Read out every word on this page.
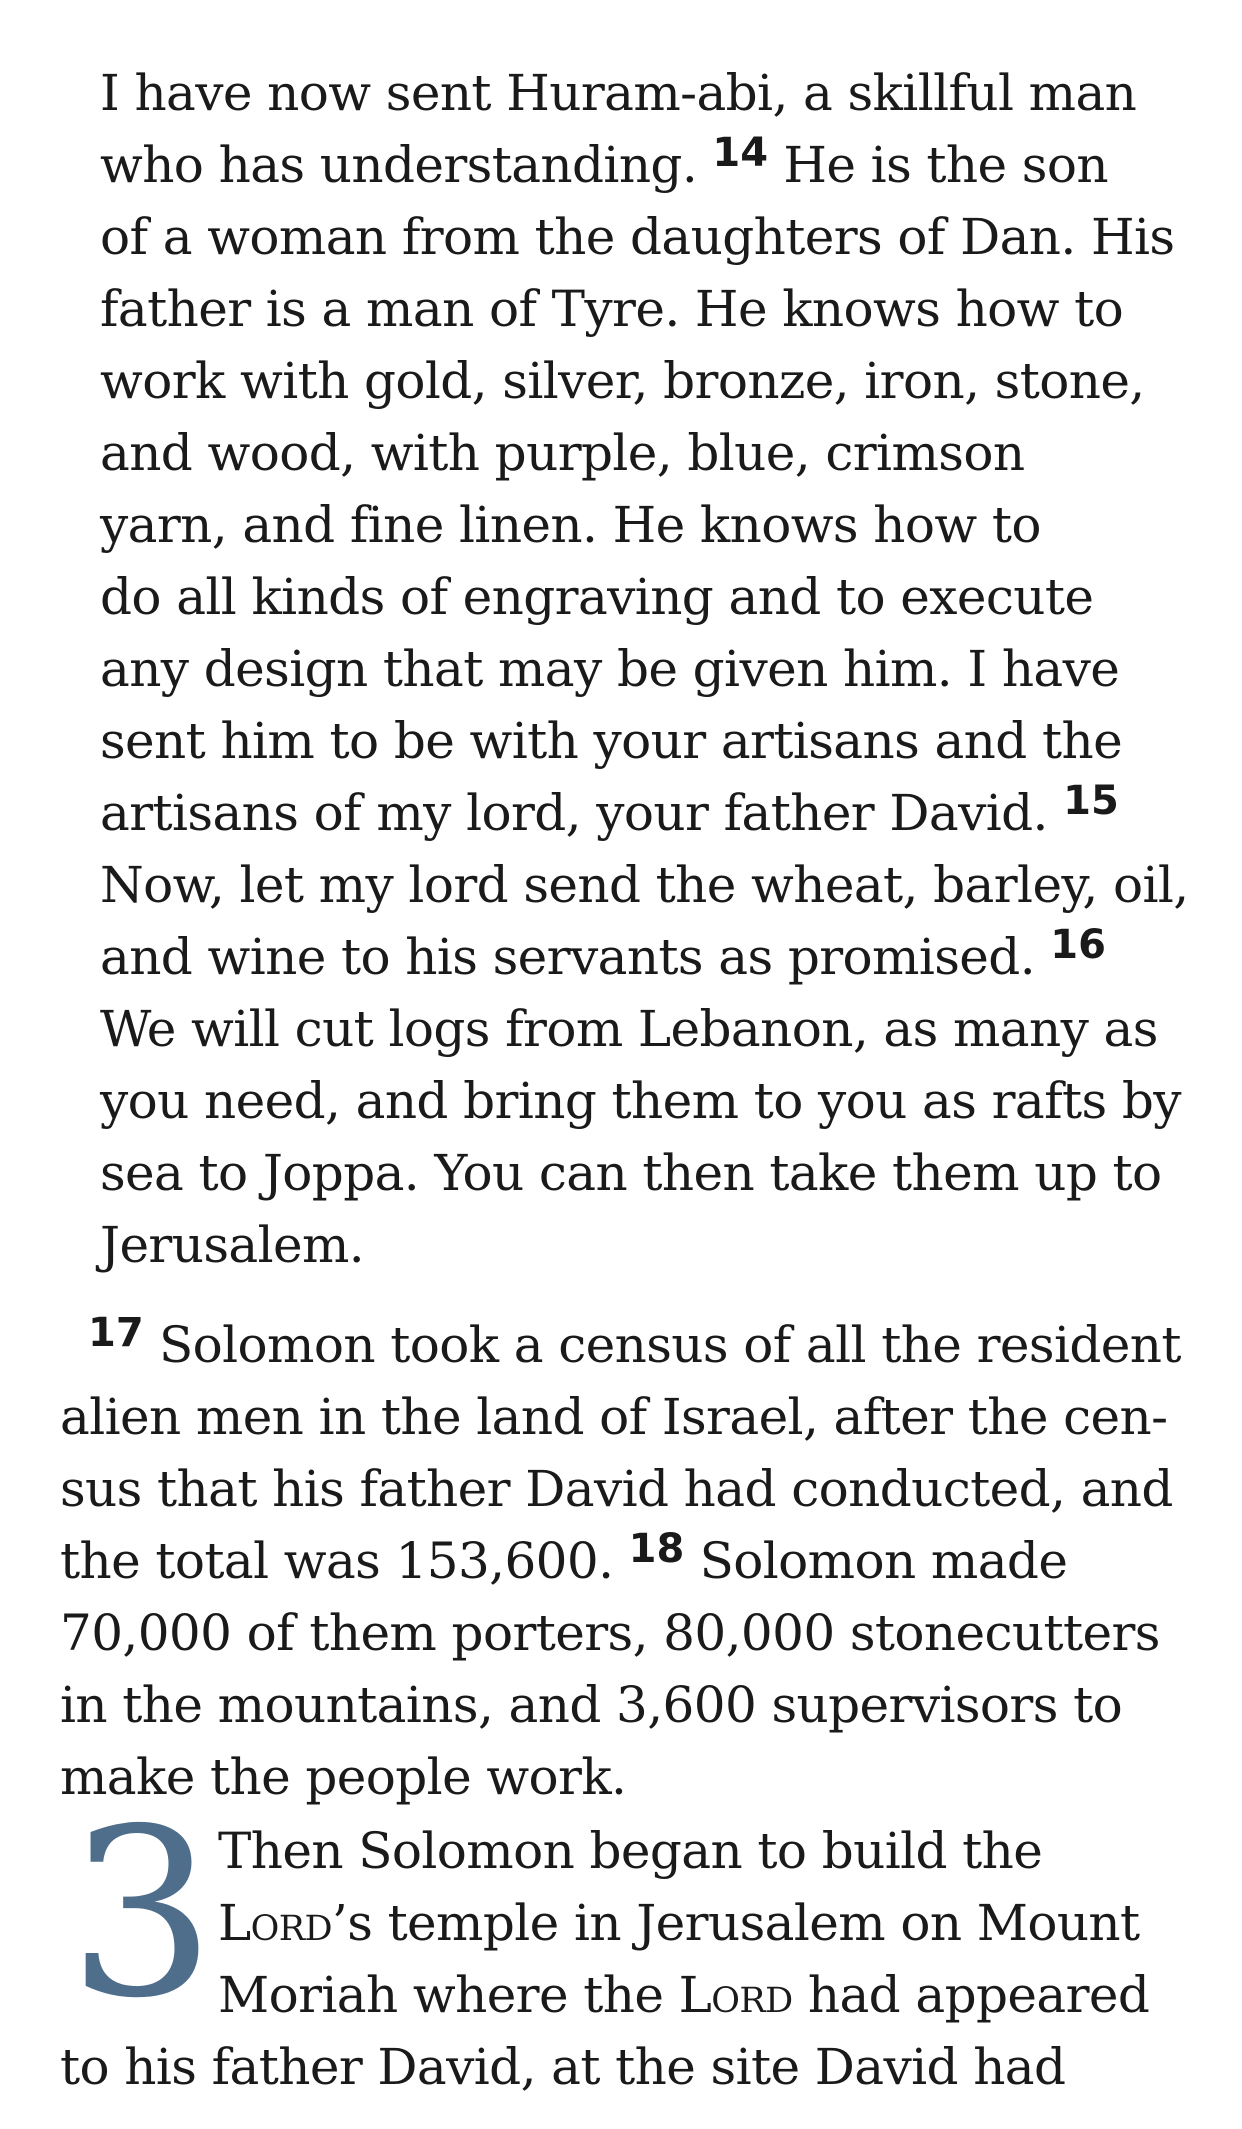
I have now sent Huram-abi, a skillful man
who has understanding. $^{14}$ He is the son
of a woman from the daughters of Dan. His
father is a man of Tyre. He knows how to
work with gold, silver, bronze, iron, stone,
and wood, with purple, blue, crimson
yarn, and fine linen. He knows how to
do all kinds of engraving and to execute
any design that may be given him. I have
sent him to be with your artisans and the
artisans of my lord, your father David. $^{15}$
Now, let my lord send the wheat, barley, oil,
and wine to his servants as promised. $^{16}$
We will cut logs from Lebanon, as many as
you need, and bring them to you as rafts by
sea to Joppa. You can then take them up to
Jerusalem.
$^{17}$ Solomon took a census of all the resident
alien men in the land of Israel, after the cen-
sus that his father David had conducted, and
the total was 153,600. $^{18}$ Solomon made
70,000 of them porters, 80,000 stonecutters
in the mountains, and 3,600 supervisors to
make the people work.
3 Then Solomon began to build the
Lord’s temple in Jerusalem on Mount
Moriah where the Lord had appeared
to his father David, at the site David had
